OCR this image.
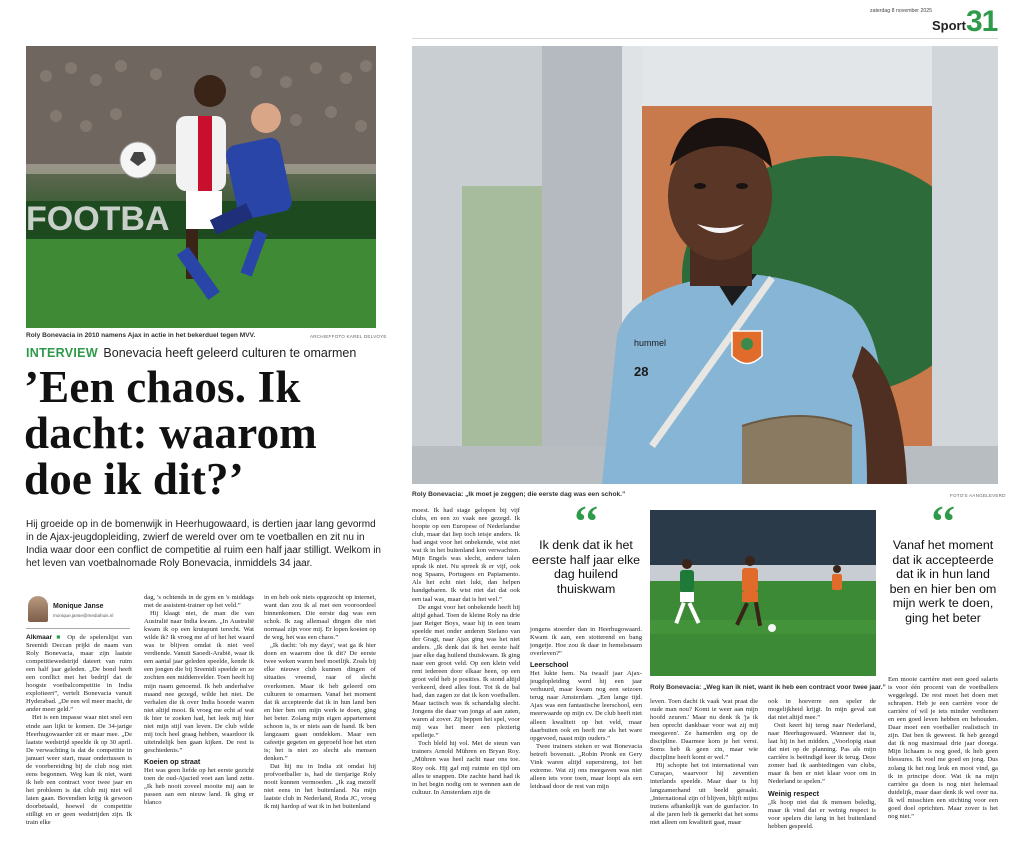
zaterdag 8 november 2025
Sport 31
FOOTBA
Roly Bonevacia in 2010 namens Ajax in actie in het bekerduel tegen MVV.	ARCHIEFFOTO KAREL DELVOYE
INTERVIEW Bonevacia heeft geleerd culturen te omarmen
’Een chaos. Ik dacht: waarom doe ik dit?’

Hij groeide op in de bomenwijk in Heerhugowaard, is dertien jaar lang gevormd in de Ajax-jeugdopleiding, zwierf de wereld over om te voetballen en zit nu in India waar door een conflict de competitie al ruim een half jaar stilligt. Welkom in het leven van voetbalnomade Roly Bonevacia, inmiddels 34 jaar.

Monique Janse
monique.janse@mediahuis.nl

Alkmaar ■ Op de spelerslijst van Sreenidi Deccan prijkt de naam van Roly Bonevacia, maar zijn laatste competitiewedstrijd dateert van ruim een half jaar geleden. „De bond heeft een conflict met het bedrijf dat de hoogste voetbalcompetitie in India exploiteert”, vertelt Bonevacia vanuit Hyderabad. „De een wil meer macht, de ander meer geld.”

Het is een impasse waar niet snel een einde aan lijkt te komen. De 34-jarige Heerhugowaarder zit er maar mee. „De laatste wedstrijd speelde ik op 30 april. De verwachting is dat de competitie in januari weer start, maar ondertussen is de voorbereiding bij de club nog niet eens begonnen. Weg kan ik niet, want ik heb een contract voor twee jaar en het probleem is dat club mij niet wil laten gaan. Bovendien krijg ik gewoon doorbetaald, hoewel de competitie stilligt en er geen wedstrijden zijn. Ik train elke

dag, 's ochtends in de gym en 's middags met de assistent-trainer op het veld.”

Hij klaagt niet, de man die van Australië naar India kwam. „In Australië kwam ik op een kruispunt terecht. Wat wilde ik? Ik vroeg me af of het het waard was te blijven omdat ik niet veel verdiende. Vanuit Saoedi-Arabië, waar ik een aantal jaar geleden speelde, kende ik een jongen die bij Sreenidi speelde en ze zochten een middenvelder. Toen heeft hij mijn naam genoemd. Ik heb anderhalve maand nee gezegd, wilde het niet. De verhalen die ik over India hoorde waren niet altijd mooi. Ik vroeg me echt af wat ik hier te zoeken had, het leek mij hier niet mijn stijl van leven. De club wilde mij toch heel graag hebben, waardoor ik uiteindelijk ben gaan kijken. De rest is geschiedenis.”

Koeien op straat

Het was geen liefde op het eerste gezicht toen de oud-Ajacied voet aan land zette. „Ik heb nooit zoveel mooite mij aan te passen aan een nieuw land. Ik ging er blanco

in en heb ook niets opgezocht op internet, want dan zou ik al met een vooroordeel binnenkomen. Die eerste dag was een schok. Ik zag allemaal dingen die niet normaal zijn voor mij. Er lopen koeien op de weg, het was een chaos.”

„Ik dacht: 'oh my days', wat ga ik hier doen en waarom doe ik dit? De eerste twee weken waren heel moeilijk. Zoals bij elke nieuwe club kunnen dingen of situaties vreemd, raar of slecht overkomen. Maar ik heb geleerd om culturen te omarmen. Vanaf het moment dat ik accepteerde dat ik in hun land ben en hier ben om mijn werk te doen, ging het beter. Zolang mijn eigen appartement schoon is, is er niets aan de hand. Ik ben langzaam gaan ontdekken. Maar een cafeetje gegeten en geproefd hoe het eten is; het is niet zo slecht als mensen denken.”

Dat hij nu in India zit omdat hij profvoetballer is, had de tienjarige Roly nooit kunnen vermoeden. „Ik zag mezelf niet eens in het buitenland. Na mijn laatste club in Nederland, Roda JC, vroeg ik mij hardop af wat ik in het buitenland

hummel
28
Roly Bonevacia: „Ik moet je zeggen; die eerste dag was een schok.”	FOTO'S AANGELEVERD

moest. Ik had stage gelopen bij vijf clubs, en een zo vaak nee gezegd. Ik hoopte op een Europese of Nederlandse club, maar dat liep toch ietsje anders. Ik had angst voor het onbekende, wist niet wat ik in het buitenland kon verwachten. Mijn Engels was slecht, andere talen sprak ik niet. Nu spreek ik er vijf, ook nog Spaans, Portugees en Papiamento. Als het echt niet lukt, dan helpen handgebaren. Ik wist niet dat dat ook een taal was, maar dat is het wel.”

De angst voor het onbekende heeft hij altijd gehad. Toen de kleine Roly na drie jaar Reiger Boys, waar hij in een team speelde met onder anderen Stefano van der Gragt, naar Ajax ging was het niet anders. „Ik denk dat ik het eerste half jaar elke dag huilend thuiskwam. Ik ging naar een groot veld. Op een klein veld rent iedereen door elkaar heen, op een groot veld heb je posities. Ik stond altijd verkeerd, deed alles fout. Tot ik de bal had, dan zagen ze dat ik kon voetballen. Maar tactisch was ik schandalig slecht. Jongens die daar van jongs af aan zaten, waren al zover. Zij beppen het spel, voor mij was het meer een plezierig spelletje.”

Toch bleld hij vol. Met de steun van trainers Arnold Mühren en Bryan Roy. „Mühren was heel zacht naar ons toe. Roy ook. Hij gaf mij ruimte en tijd om alles te snappen. Die zachte hand had ik in het begin nodig om te wennen aan de cultuur. In Amsterdam zijn de

‘‘
Ik denk dat ik het eerste half jaar elke dag huilend thuiskwam

jongens stoerder dan in Heerhugowaard. Kwam ik aan, een stotterend en bang jongetje. Hoe zou ik daar in hemelsnaam overleven?”

Leerschool

Het lukte hem. Na twaalf jaar Ajax-jeugdopleiding werd hij een jaar verhuurd, maar kwam nog een seizoen terug naar Amsterdam. „Een lange tijd. Ajax was een fantastische leerschool, een meerwaarde op mijn cv. De club heeft niet alleen kwaliteit op het veld, maar daarbuiten ook en heeft me als het ware opgevoed, naast mijn ouders.”

Twee trainers steken er wat Bonevacia betreft bovenuit. „Robin Pronk en Gery Vink waren altijd superstreng, tot het extreme. Wat zij ons meegaven was niet alleen iets voor toen, maar loopt als een leidraad door de rest van mijn

Roly Bonevacia: „Weg kan ik niet, want ik heb een contract voor twee jaar.”

leven. Toen dacht ik vaak 'wat praat die oude man nou? Komt ie weer aan mijn hoofd zeuren.' Maar nu denk ik 'ja ik ben oprecht dankbaar voor wat zij mij meegaven'. Ze hamerden erg op de discipline. Daarmee kom je het verst. Soms heb ik geen zin, maar wie discipline heeft komt er wel.”

Hij schopte het tot international van Curaçao, waarvoor hij zeventien interlands speelde. Maar daar is hij langzamerhand uit beeld geraakt. „International zijn of blijven, blijft mijns inziens afhankelijk van de gunfactor. In al die jaren heb ik gemerkt dat het soms niet alleen om kwaliteit gaat, maar

ook in hoeverre een speler de mogelijkheid krijgt. In mijn geval zat dat niet altijd mee.”

Ooit keert hij terug naar Nederland, naar Heerhugowaard. Wanneer dat is, laat hij in het midden. „Voorlopig staat dat niet op de planning. Pas als mijn carrière is beëindigd keer ik terug. Deze zomer had ik aanbiedingen van clubs, maar ik ben er niet klaar voor om in Nederland te spelen.”

Weinig respect

„Ik hoop niet dat ik mensen beledig, maar ik vind dat er weinig respect is voor spelers die lang in het buitenland hebben gespeeld.

‘‘
Vanaf het moment dat ik accepteerde dat ik in hun land ben en hier ben om mijn werk te doen, ging het beter

Een mooie carrière met een goed salaris is voor één procent van de voetballers weggelegd. De rest moet het doen met schrapen. Heb je een carrière voor de carrière of wil je iets minder verdienen en een goed leven hebben en behouden. Daar moet een voetballer realistisch in zijn. Dat ben ik geweest. Ik heb gezegd dat ik nog maximaal drie jaar doorga. Mijn lichaam is nog goed, ik heb geen blessures. Ik voel me goed en jong. Dus zolang ik het nog leuk en mooi vind, ga ik in principe door. Wat ik na mijn carrière ga doen is nog niet helemaal duidelijk, maar daar denk ik wel over na. Ik wil misschien een stichting voor een goed doel oprichten. Maar zover is het nog niet.”
